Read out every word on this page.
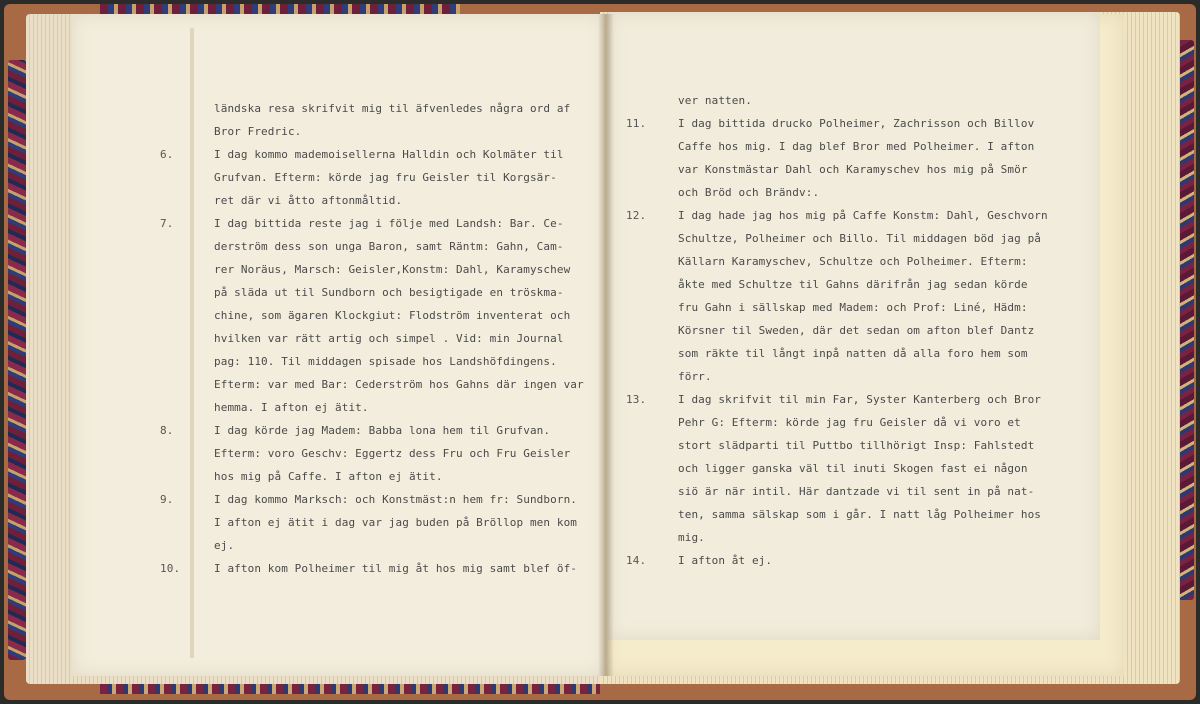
ländska resa skrifvit mig til äfvenledes några ord af
Bror Fredric.
6.	I dag kommo mademoisellerna Halldin och Kolmäter til
Grufvan. Efterm: körde jag fru Geisler til Korgsär-
ret där vi åtto aftonmåltid.
7.	I dag bittida reste jag i följe med Landsh: Bar. Ce-
derström dess son unga Baron, samt Räntm: Gahn, Cam-
rer Noräus, Marsch: Geisler,Konstm: Dahl, Karamyschew
på släda ut til Sundborn och besigtigade en tröskma-
chine, som ägaren Klockgiut: Flodström inventerat och
hvilken var rätt artig och simpel . Vid: min Journal
pag: 110. Til middagen spisade hos Landshöfdingens.
Efterm: var med Bar: Cederström hos Gahns där ingen var
hemma. I afton ej ätit.
8.	I dag körde jag Madem: Babba lona hem til Grufvan.
Efterm: voro Geschv: Eggertz dess Fru och Fru Geisler
hos mig på Caffe. I afton ej ätit.
9.	I dag kommo Marksch: och Konstmäst:n hem fr: Sundborn.
I afton ej ätit i dag var jag buden på Bröllop men kom
ej.
10.	I afton kom Polheimer til mig åt hos mig samt blef öf-
ver natten.
11.	I dag bittida drucko Polheimer, Zachrisson och Billov
Caffe hos mig. I dag blef Bror med Polheimer. I afton
var Konstmästar Dahl och Karamyschev hos mig på Smör
och Bröd och Brändv:.
12.	I dag hade jag hos mig på Caffe Konstm: Dahl, Geschvorn
Schultze, Polheimer och Billo. Til middagen böd jag på
Källarn Karamyschev, Schultze och Polheimer. Efterm:
åkte med Schultze til Gahns därifrån jag sedan körde
fru Gahn i sällskap med Madem: och Prof: Liné, Hädm:
Körsner til Sweden, där det sedan om afton blef Dantz
som räkte til långt inpå natten då alla foro hem som
förr.
13.	I dag skrifvit til min Far, Syster Kanterberg och Bror
Pehr G: Efterm: körde jag fru Geisler då vi voro et
stort slädparti til Puttbo tillhörigt Insp: Fahlstedt
och ligger ganska väl til inuti Skogen fast ei någon
siö är när intil. Här dantzade vi til sent in på nat-
ten, samma sälskap som i går. I natt låg Polheimer hos
mig.
14.	I afton åt ej.
